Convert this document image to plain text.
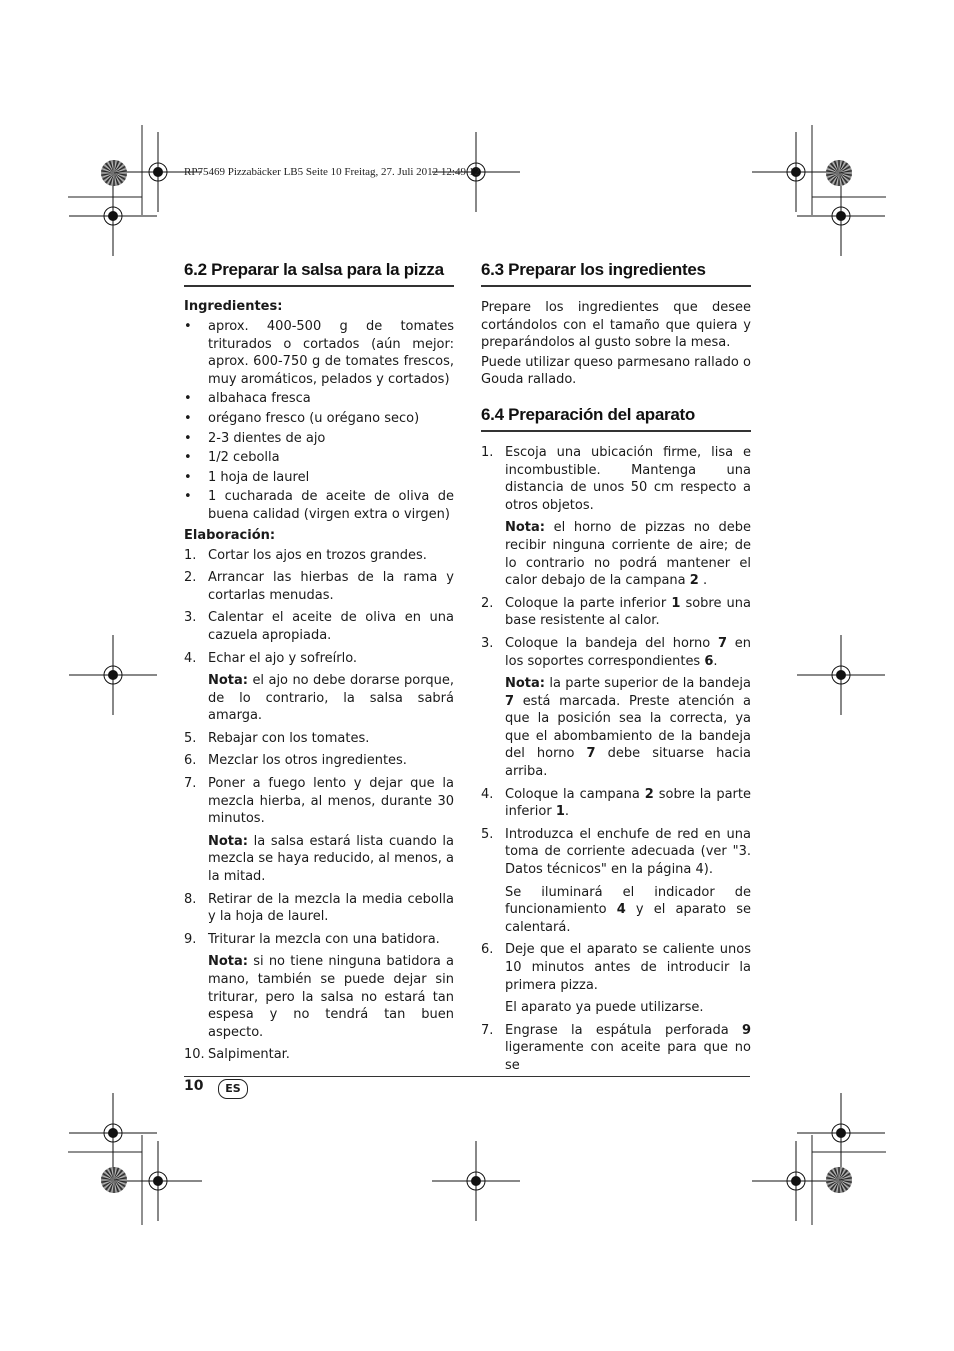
RP75469 Pizzabäcker LB5 Seite 10 Freitag, 27. Juli 2012 12:49 12
6.2 Preparar la salsa para la pizza
Ingredientes:
• aprox. 400-500 g de tomates triturados o cortados (aún mejor: aprox. 600-750 g de tomates frescos, muy aromáticos, pelados y cortados)
• albahaca fresca
• orégano fresco (u orégano seco)
• 2-3 dientes de ajo
• 1/2 cebolla
• 1 hoja de laurel
• 1 cucharada de aceite de oliva de buena calidad (virgen extra o virgen)
Elaboración:
1. Cortar los ajos en trozos grandes.
2. Arrancar las hierbas de la rama y cortarlas menudas.
3. Calentar el aceite de oliva en una cazuela apropiada.
4. Echar el ajo y sofreírlo.
Nota: el ajo no debe dorarse porque, de lo contrario, la salsa sabrá amarga.
5. Rebajar con los tomates.
6. Mezclar los otros ingredientes.
7. Poner a fuego lento y dejar que la mezcla hierba, al menos, durante 30 minutos.
Nota: la salsa estará lista cuando la mezcla se haya reducido, al menos, a la mitad.
8. Retirar de la mezcla la media cebolla y la hoja de laurel.
9. Triturar la mezcla con una batidora.
Nota: si no tiene ninguna batidora a mano, también se puede dejar sin triturar, pero la salsa no estará tan espesa y no tendrá tan buen aspecto.
10. Salpimentar.
6.3 Preparar los ingredientes

Prepare los ingredientes que desee cortándolos con el tamaño que quiera y preparándolos al gusto sobre la mesa.

Puede utilizar queso parmesano rallado o Gouda rallado.

6.4 Preparación del aparato
1. Escoja una ubicación firme, lisa e incombustible. Mantenga una distancia de unos 50 cm respecto a otros objetos.
Nota: el horno de pizzas no debe recibir ninguna corriente de aire; de lo contrario no podrá mantener el calor debajo de la campana 2 .
2. Coloque la parte inferior 1 sobre una base resistente al calor.
3. Coloque la bandeja del horno 7 en los soportes correspondientes 6.
Nota: la parte superior de la bandeja 7 está marcada. Preste atención a que la posición sea la correcta, ya que el abombamiento de la bandeja del horno 7 debe situarse hacia arriba.
4. Coloque la campana 2 sobre la parte inferior 1.
5. Introduzca el enchufe de red en una toma de corriente adecuada (ver "3. Datos técnicos" en la página 4).
Se iluminará el indicador de funcionamiento 4 y el aparato se calentará.
6. Deje que el aparato se caliente unos 10 minutos antes de introducir la primera pizza.
El aparato ya puede utilizarse.
7. Engrase la espátula perforada 9 ligeramente con aceite para que no se
10	ES
